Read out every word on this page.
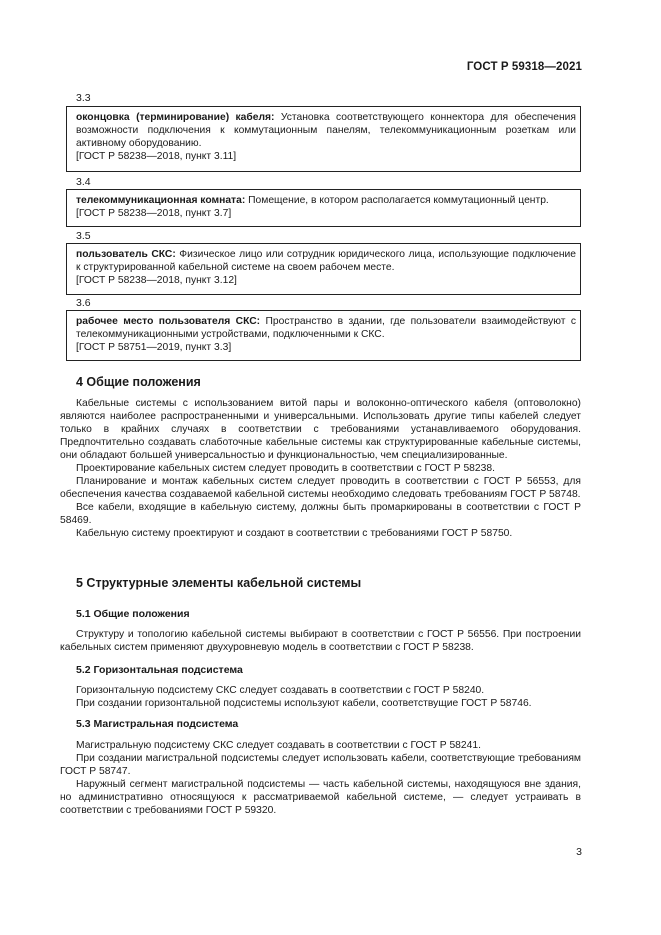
ГОСТ Р 59318—2021
3.3

оконцовка (терминирование) кабеля: Установка соответствующего коннектора для обеспечения возможности подключения к коммутационным панелям, телекоммуникационным розеткам или активному оборудованию.

[ГОСТ Р 58238—2018, пункт 3.11]

3.4

телекоммуникационная комната: Помещение, в котором располагается коммутационный центр.

[ГОСТ Р 58238—2018, пункт 3.7]

3.5

пользователь СКС: Физическое лицо или сотрудник юридического лица, использующие подключение к структурированной кабельной системе на своем рабочем месте.

[ГОСТ Р 58238—2018, пункт 3.12]

3.6

рабочее место пользователя СКС: Пространство в здании, где пользователи взаимодействуют с телекоммуникационными устройствами, подключенными к СКС.

[ГОСТ Р 58751—2019, пункт 3.3]

4 Общие положения

Кабельные системы с использованием витой пары и волоконно-оптического кабеля (оптоволокно) являются наиболее распространенными и универсальными. Использовать другие типы кабелей следует только в крайних случаях в соответствии с требованиями устанавливаемого оборудования. Предпочтительно создавать слаботочные кабельные системы как структурированные кабельные системы, они обладают большей универсальностью и функциональностью, чем специализированные.

Проектирование кабельных систем следует проводить в соответствии с ГОСТ Р 58238.

Планирование и монтаж кабельных систем следует проводить в соответствии с ГОСТ Р 56553, для обеспечения качества создаваемой кабельной системы необходимо следовать требованиям ГОСТ Р 58748.

Все кабели, входящие в кабельную систему, должны быть промаркированы в соответствии с ГОСТ Р 58469.

Кабельную систему проектируют и создают в соответствии с требованиями ГОСТ Р 58750.

5 Структурные элементы кабельной системы
5.1 Общие положения

Структуру и топологию кабельной системы выбирают в соответствии с ГОСТ Р 56556. При построении кабельных систем применяют двухуровневую модель в соответствии с ГОСТ Р 58238.

5.2 Горизонтальная подсистема

Горизонтальную подсистему СКС следует создавать в соответствии с ГОСТ Р 58240.

При создании горизонтальной подсистемы используют кабели, соответствущие ГОСТ Р 58746.

5.3 Магистральная подсистема

Магистральную подсистему СКС следует создавать в соответствии с ГОСТ Р 58241.

При создании магистральной подсистемы следует использовать кабели, соответствующие требованиям ГОСТ Р 58747.

Наружный сегмент магистральной подсистемы — часть кабельной системы, находящуюся вне здания, но административно относящуюся к рассматриваемой кабельной системе, — следует устраивать в соответствии с требованиями ГОСТ Р 59320.

3
